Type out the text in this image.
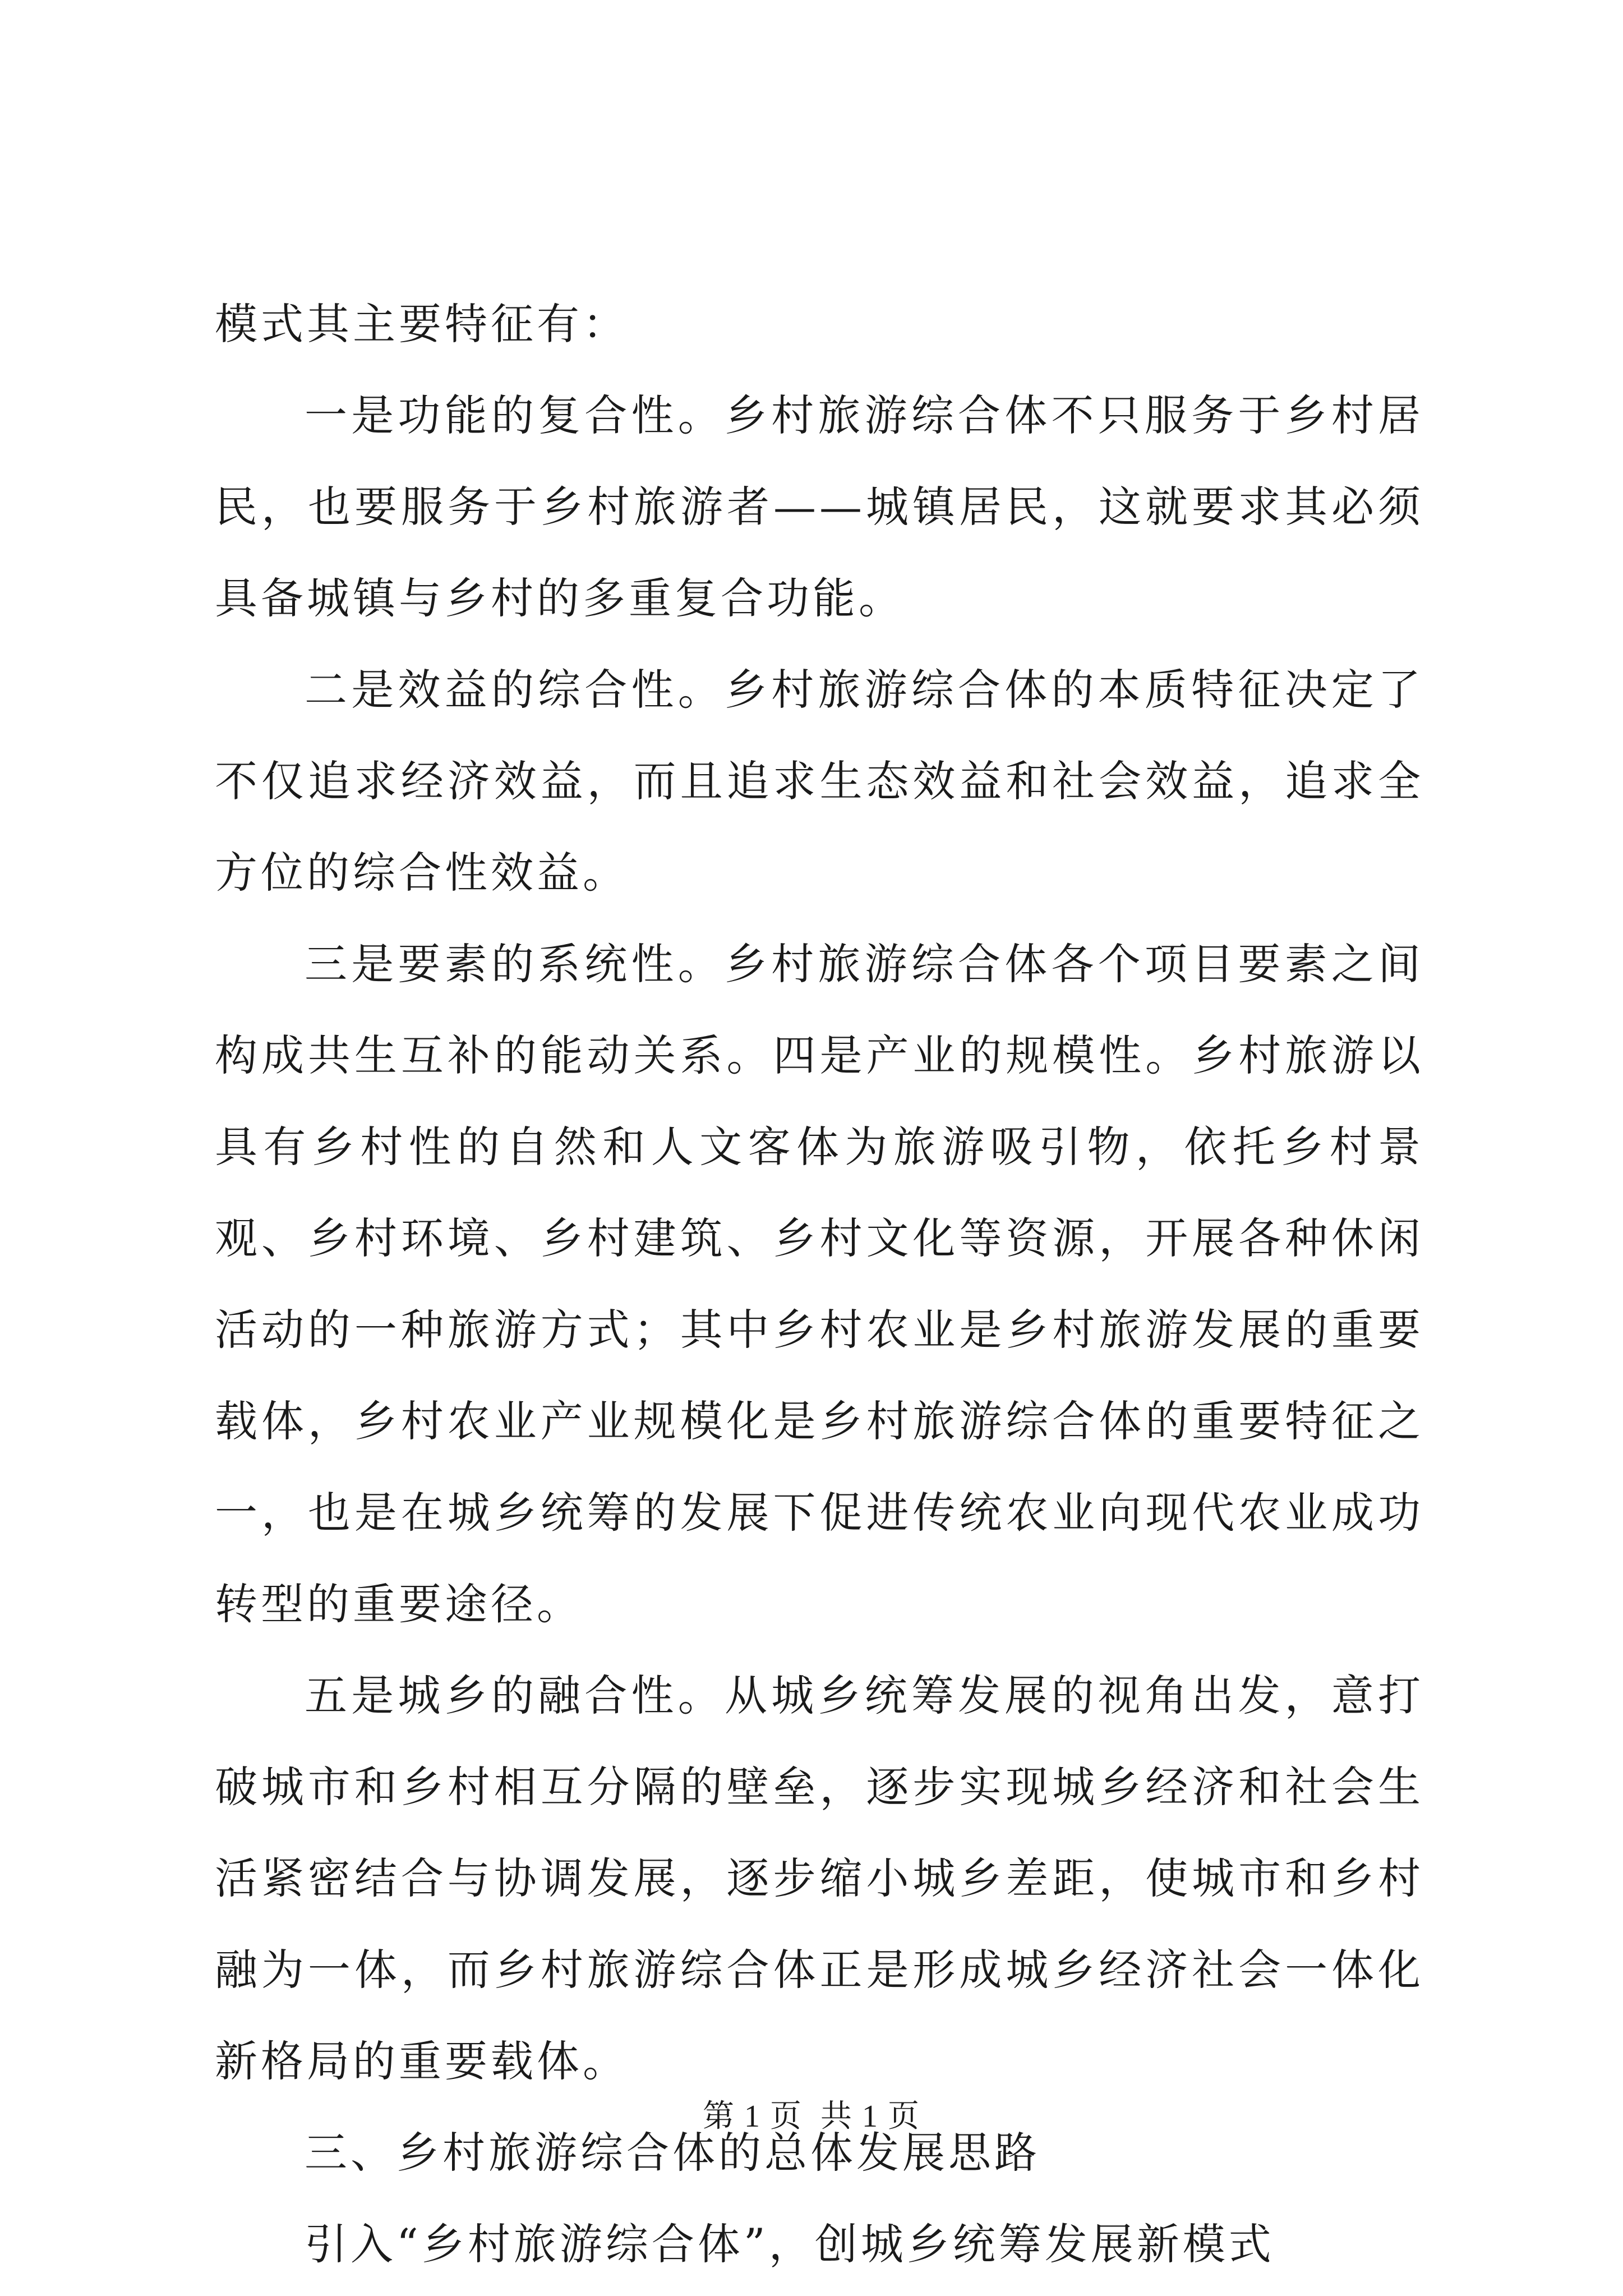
模式其主要特征有：

一是功能的复合性。乡村旅游综合体不只服务于乡村居民，也要服务于乡村旅游者——城镇居民，这就要求其必须具备城镇与乡村的多重复合功能。

二是效益的综合性。乡村旅游综合体的本质特征决定了不仅追求经济效益，而且追求生态效益和社会效益，追求全方位的综合性效益。

三是要素的系统性。乡村旅游综合体各个项目要素之间构成共生互补的能动关系。四是产业的规模性。乡村旅游以具有乡村性的自然和人文客体为旅游吸引物，依托乡村景观、乡村环境、乡村建筑、乡村文化等资源，开展各种休闲活动的一种旅游方式；其中乡村农业是乡村旅游发展的重要载体，乡村农业产业规模化是乡村旅游综合体的重要特征之一，也是在城乡统筹的发展下促进传统农业向现代农业成功转型的重要途径。

五是城乡的融合性。从城乡统筹发展的视角出发，意打破城市和乡村相互分隔的壁垒，逐步实现城乡经济和社会生活紧密结合与协调发展，逐步缩小城乡差距，使城市和乡村融为一体，而乡村旅游综合体正是形成城乡经济社会一体化新格局的重要载体。

三、乡村旅游综合体的总体发展思路

引入“乡村旅游综合体”，创城乡统筹发展新模式

第 1 页  共 1 页
